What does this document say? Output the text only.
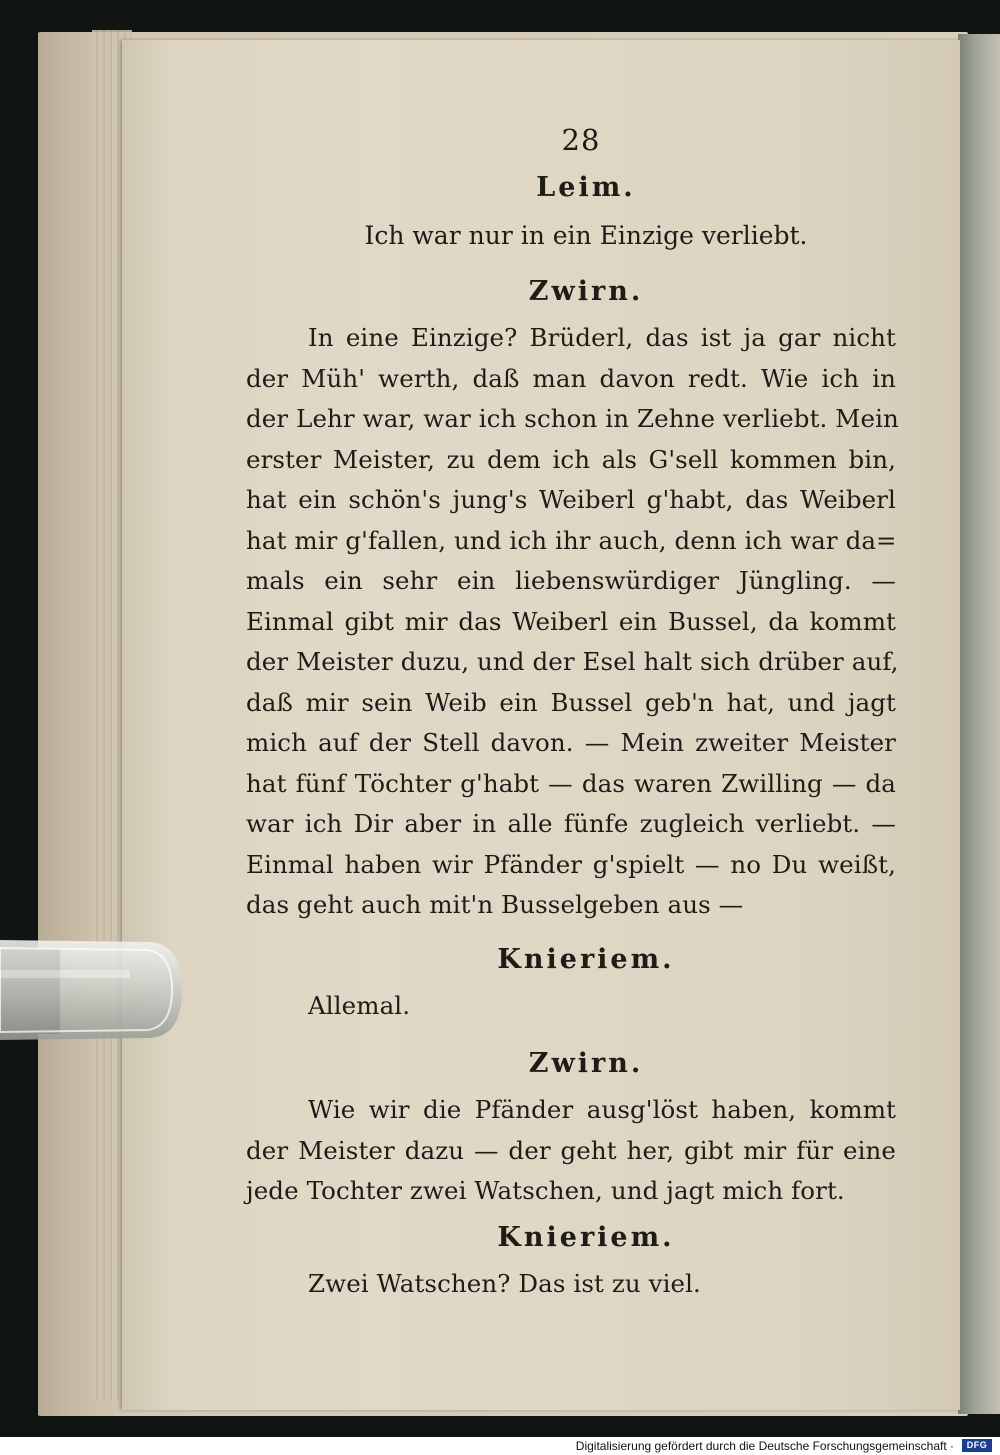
28
Leim.
Ich war nur in ein Einzige verliebt.
Zwirn.
In eine Einzige? Brüderl, das ist ja gar nicht
der Müh' werth, daß man davon redt. Wie ich in
der Lehr war, war ich schon in Zehne verliebt. Mein
erster Meister, zu dem ich als G'sell kommen bin,
hat ein schön's jung's Weiberl g'habt, das Weiberl
hat mir g'fallen, und ich ihr auch, denn ich war da=
mals ein sehr ein liebenswürdiger Jüngling. —
Einmal gibt mir das Weiberl ein Bussel, da kommt
der Meister duzu, und der Esel halt sich drüber auf,
daß mir sein Weib ein Bussel geb'n hat, und jagt
mich auf der Stell davon. — Mein zweiter Meister
hat fünf Töchter g'habt — das waren Zwilling — da
war ich Dir aber in alle fünfe zugleich verliebt. —
Einmal haben wir Pfänder g'spielt — no Du weißt,
das geht auch mit'n Busselgeben aus —
Knieriem.
Allemal.
Zwirn.
Wie wir die Pfänder ausg'löst haben, kommt
der Meister dazu — der geht her, gibt mir für eine
jede Tochter zwei Watschen, und jagt mich fort.
Knieriem.
Zwei Watschen? Das ist zu viel.
Digitalisierung gefördert durch die Deutsche Forschungsgemeinschaft ·	DFG
